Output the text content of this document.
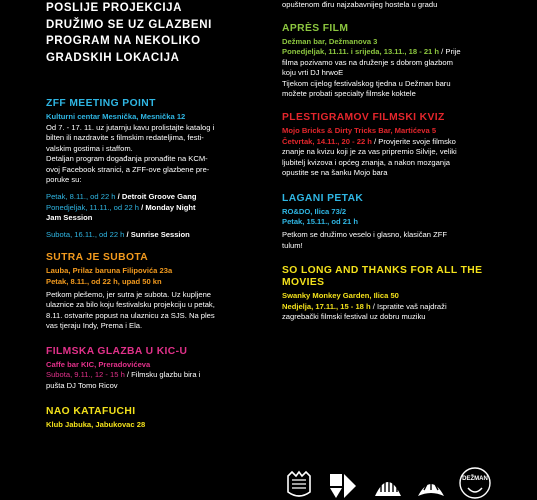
POSLIJE PROJEKCIJA
DRUŽIMO SE UZ GLAZBENI
PROGRAM NA NEKOLIKO
GRADSKIH LOKACIJA

ZFF MEETING POINT

Kulturni centar Mesnička, Mesnička 12

Od 7. - 17. 11. uz jutarnju kavu prolistajte katalog i
bilten ili nazdravite s filmskim redateljima, festi-
valskim gostima i staffom.

Detaljan program događanja pronađite na KCM-
ovoj Facebook stranici, a ZFF-ove glazbene pre-
poruke su:

Petak, 8.11., od 22 h / Detroit Groove Gang

Ponedjeljak, 11.11., od 22 h / Monday Night
Jam Session

Subota, 16.11., od 22 h / Sunrise Session

SUTRA JE SUBOTA

Lauba, Prilaz baruna Filipovića 23a

Petak, 8.11., od 22 h, upad 50 kn

Petkom plešemo, jer sutra je subota. Uz kupljene
ulaznice za bilo koju festivalsku projekciju u petak,
8.11. ostvarite popust na ulaznicu za SJS. Na ples
vas tjeraju Indy, Prema i Ela.

FILMSKA GLAZBA U KIC-U

Caffe bar KIC, Preradovićeva

Subota, 9.11., 12 - 15 h / Filmsku glazbu bira i
pušta DJ Tomo Ricov

NAO KATAFUCHI

Klub Jabuka, Jabukovac 28

opuštenom điru najzabavnijeg hostela u gradu

APRÈS FILM

Dežman bar, Dežmanova 3

Ponedjeljak, 11.11. i srijeda, 13.11., 18 - 21 h / Prije
filma pozivamo vas na druženje s dobrom glazbom
koju vrti DJ hrwoE
Tijekom cijelog festivalskog tjedna u Dežman baru
možete probati specialty filmske koktele

PLESTIGRAMOV FILMSKI KVIZ

Mojo Bricks & Dirty Tricks Bar, Martićeva 5

Četvrtak, 14.11., 20 - 22 h / Provjerite svoje filmsko
znanje na kvizu koji je za vas pripremio Silvije, veliki
ljubitelj kvizova i općeg znanja, a nakon mozganja
opustite se na šanku Mojo bara

LAGANI PETAK

RO&DO, Ilica 73/2

Petak, 15.11., od 21 h

Petkom se družimo veselo i glasno, klasičan ZFF
tulum!

SO LONG AND THANKS FOR ALL THE
MOVIES

Swanky Monkey Garden, Ilica 50

Nedjelja, 17.11., 15 - 18 h / Ispratite vaš najdraži
zagrebački filmski festival uz dobru muziku

DEŽMAN
